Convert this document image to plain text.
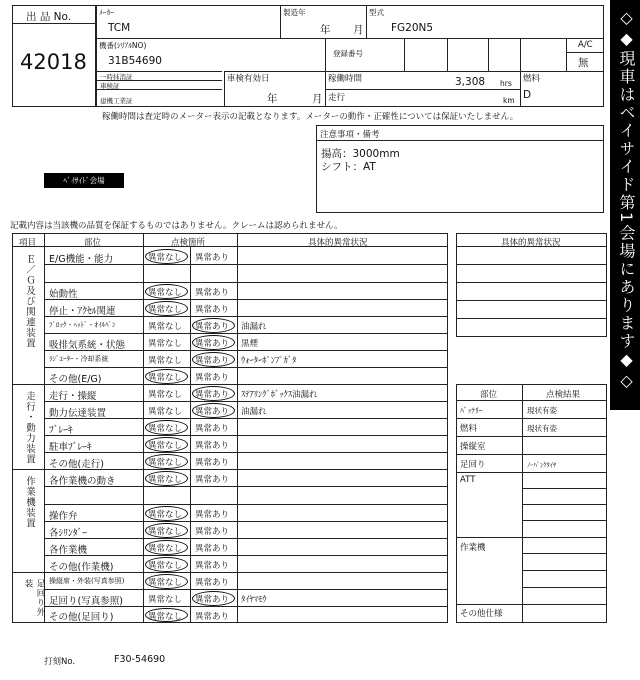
出 品 No.
42018
ﾒｰｶｰ
TCM
製造年
年 月
型式
FG20N5
機番(ｼﾘｱﾙNO)
31B54690
登録番号
A/C
無
一時抹消証
車検証
建機工業証
車検有効日
年	月
稼働時間	3,308 hrs
走行	km
燃料
D
稼働時間は査定時のメーター表示の記載となります。メーターの動作・正確性については保証いたしません。
注意事項・備考
揚高：3000mm
シフト：AT
ﾍﾞｲｻｲﾄﾞ会場
記載内容は当該機の品質を保証するものではありません。クレームは認められません。
項目	部位	点検箇所	具体的異常状況
Ｅ／Ｇ及び関連装置
走行・動力装置
作業機装置
足回り外装
E/G機能・能力	異常なし 異常あり
始動性	異常なし 異常あり
停止・ｱｸｾﾙ関連	異常なし 異常あり
ﾌﾞﾛｯｸ・ﾍｯﾄﾞ・ｵｲﾙﾊﾟﾝ	異常なし 異常あり 油漏れ
吸排気系統・状態	異常なし 異常あり 黒煙
ﾗｼﾞｴｰﾀｰ・冷却系統	異常なし 異常あり ｳｫｰﾀｰﾎﾟﾝﾌﾟｶﾞﾀ
その他(E/G)	異常なし 異常あり
走行・操縦	異常なし 異常あり ｽﾃｱﾘﾝｸﾞﾎﾞｯｸｽ油漏れ
動力伝達装置	異常なし 異常あり 油漏れ
ﾌﾞﾚｰｷ	異常なし 異常あり
駐車ﾌﾞﾚｰｷ	異常なし 異常あり
その他(走行)	異常なし 異常あり
各作業機の動き	異常なし 異常あり
操作弁	異常なし 異常あり
各ｼﾘﾝﾀﾞｰ	異常なし 異常あり
各作業機	異常なし 異常あり
その他(作業機)	異常なし 異常あり
操縦席・外装(写真参照)	異常なし 異常あり
足回り(写真参照)	異常なし 異常あり ﾀｲﾔﾏﾓｳ
その他(足回り)	異常なし 異常あり
具体的異常状況
部位	点検結果
ﾊﾞｯﾃﾘｰ	現状有姿
燃料	現状有姿
操縦室
足回り	ﾉｰﾊﾟﾝｸﾀｲﾔ
ATT
作業機
その他仕様
◇◆現車はベイサイド第1会場にあります◆◇
打刻No.	F30-54690
